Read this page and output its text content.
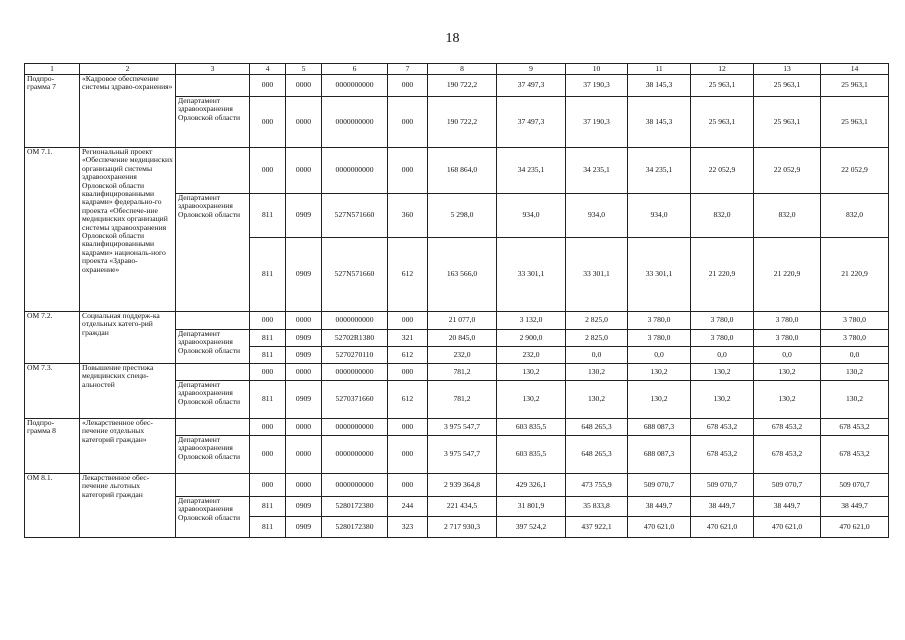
18
1	2	3	4	5	6	7	8	9	10	11	12	13	14
Подпро-грамма 7	«Кадровое обеспечение системы здраво-охранения»		000	0000	0000000000	000	190 722,2	37 497,3	37 190,3	38 145,3	25 963,1	25 963,1	25 963,1
		Департамент здравоохранения Орловской области	000	0000	0000000000	000	190 722,2	37 497,3	37 190,3	38 145,3	25 963,1	25 963,1	25 963,1
ОМ 7.1.	Региональный проект «Обеспечение медицинских организаций системы здравоохранения Орловской области квалифицированными кадрами» федерально-го проекта «Обеспече-ние медицинских организаций системы здравоохранения Орловской области квалифицированными кадрами» националь-ного проекта «Здраво-охранение»		000	0000	0000000000	000	168 864,0	34 235,1	34 235,1	34 235,1	22 052,9	22 052,9	22 052,9
		Департамент здравоохранения Орловской области	811	0909	527N571660	360	5 298,0	934,0	934,0	934,0	832,0	832,0	832,0
			811	0909	527N571660	612	163 566,0	33 301,1	33 301,1	33 301,1	21 220,9	21 220,9	21 220,9
ОМ 7.2.	Социальная поддерж-ка отдельных катего-рий граждан		000	0000	0000000000	000	21 077,0	3 132,0	2 825,0	3 780,0	3 780,0	3 780,0	3 780,0
		Департамент здравоохранения Орловской области	811	0909	52702R1380	321	20 845,0	2 900,0	2 825,0	3 780,0	3 780,0	3 780,0	3 780,0
			811	0909	5270270110	612	232,0	232,0	0,0	0,0	0,0	0,0	0,0
ОМ 7.3.	Повышение престижа медицинских специ-альностей		000	0000	0000000000	000	781,2	130,2	130,2	130,2	130,2	130,2	130,2
		Департамент здравоохранения Орловской области	811	0909	5270371660	612	781,2	130,2	130,2	130,2	130,2	130,2	130,2
Подпро-грамма 8	«Лекарственное обес-печение отдельных категорий граждан»		000	0000	0000000000	000	3 975 547,7	603 835,5	648 265,3	688 087,3	678 453,2	678 453,2	678 453,2
		Департамент здравоохранения Орловской области	000	0000	0000000000	000	3 975 547,7	603 835,5	648 265,3	688 087,3	678 453,2	678 453,2	678 453,2
ОМ 8.1.	Лекарственное обес-печение льготных категорий граждан		000	0000	0000000000	000	2 939 364,8	429 326,1	473 755,9	509 070,7	509 070,7	509 070,7	509 070,7
		Департамент здравоохранения Орловской области	811	0909	5280172380	244	221 434,5	31 801,9	35 833,8	38 449,7	38 449,7	38 449,7	38 449,7
			811	0909	5280172380	323	2 717 930,3	397 524,2	437 922,1	470 621,0	470 621,0	470 621,0	470 621,0
